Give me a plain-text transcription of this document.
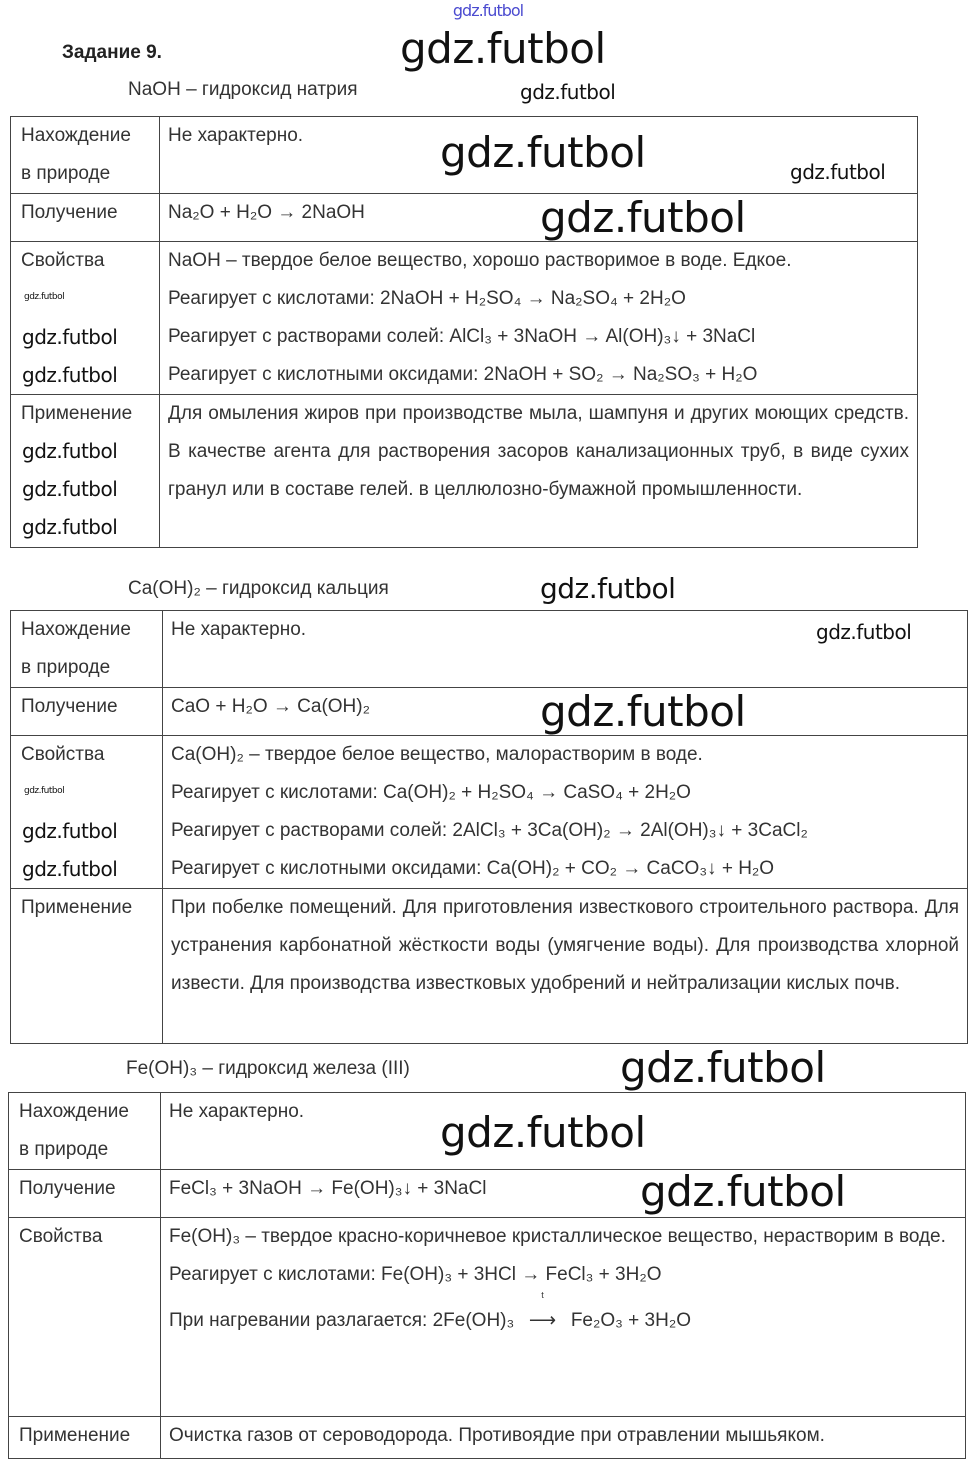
gdz.futbol
Задание 9.
NaOH – гидроксид натрия
Нахождение
в природе	Не характерно.

Получение	Na₂O + H₂O → 2NaOH
Свойства	NaOH – твердое белое вещество, хорошо растворимое в воде. Едкое.
Реагирует с кислотами: 2NaOH + H₂SO₄ → Na₂SO₄ + 2H₂O
Реагирует с растворами солей: AlCl₃ + 3NaOH → Al(OH)₃↓ + 3NaCl
Реагирует с кислотными оксидами: 2NaOH + SO₂ → Na₂SO₃ + H₂O

Применение	Для омыления жиров при производстве мыла, шампуня и других моющих средств. В качестве агента для растворения засоров канализационных труб, в виде сухих гранул или в составе гелей. в целлюлозно-бумажной промышленности.
Ca(OH)₂ – гидроксид кальция
Нахождение
в природе	Не характерно.
Получение	CaO + H₂O → Ca(OH)₂
Свойства	Ca(OH)₂ – твердое белое вещество, малорастворим в воде.
Реагирует с кислотами: Ca(OH)₂ + H₂SO₄ → CaSO₄ + 2H₂O
Реагирует с растворами солей: 2AlCl₃ + 3Ca(OH)₂ → 2Al(OH)₃↓ + 3CaCl₂
Реагирует с кислотными оксидами: Ca(OH)₂ + CO₂ → CaCO₃↓ + H₂O

Применение	При побелке помещений. Для приготовления известкового строительного раствора. Для устранения карбонатной жёсткости воды (умягчение воды). Для производства хлорной извести. Для производства известковых удобрений и нейтрализации кислых почв.
Fe(OH)₃ – гидроксид железа (III)
Нахождение
в природе	Не характерно.
Получение	FeCl₃ + 3NaOH → Fe(OH)₃↓ + 3NaCl
Свойства	Fe(OH)₃ – твердое красно-коричневое кристаллическое вещество, нерастворим в воде.
Реагирует с кислотами: Fe(OH)₃ + 3HCl → FeCl₃ + 3H₂O
При нагревании разлагается: 2Fe(OH)₃
t
⟶ Fe₂O₃ + 3H₂O

Применение	Очистка газов от сероводорода. Противоядие при отравлении мышьяком.
gdz.futbol
gdz.futbol
gdz.futbol	gdz.futbol
gdz.futbol
gdz.futbol
gdz.futbol
gdz.futbol
gdz.futbol
gdz.futbol
gdz.futbol
gdz.futbol
gdz.futbol
gdz.futbol
gdz.futbol
gdz.futbol
gdz.futbol
gdz.futbol
gdz.futbol
gdz.futbol
